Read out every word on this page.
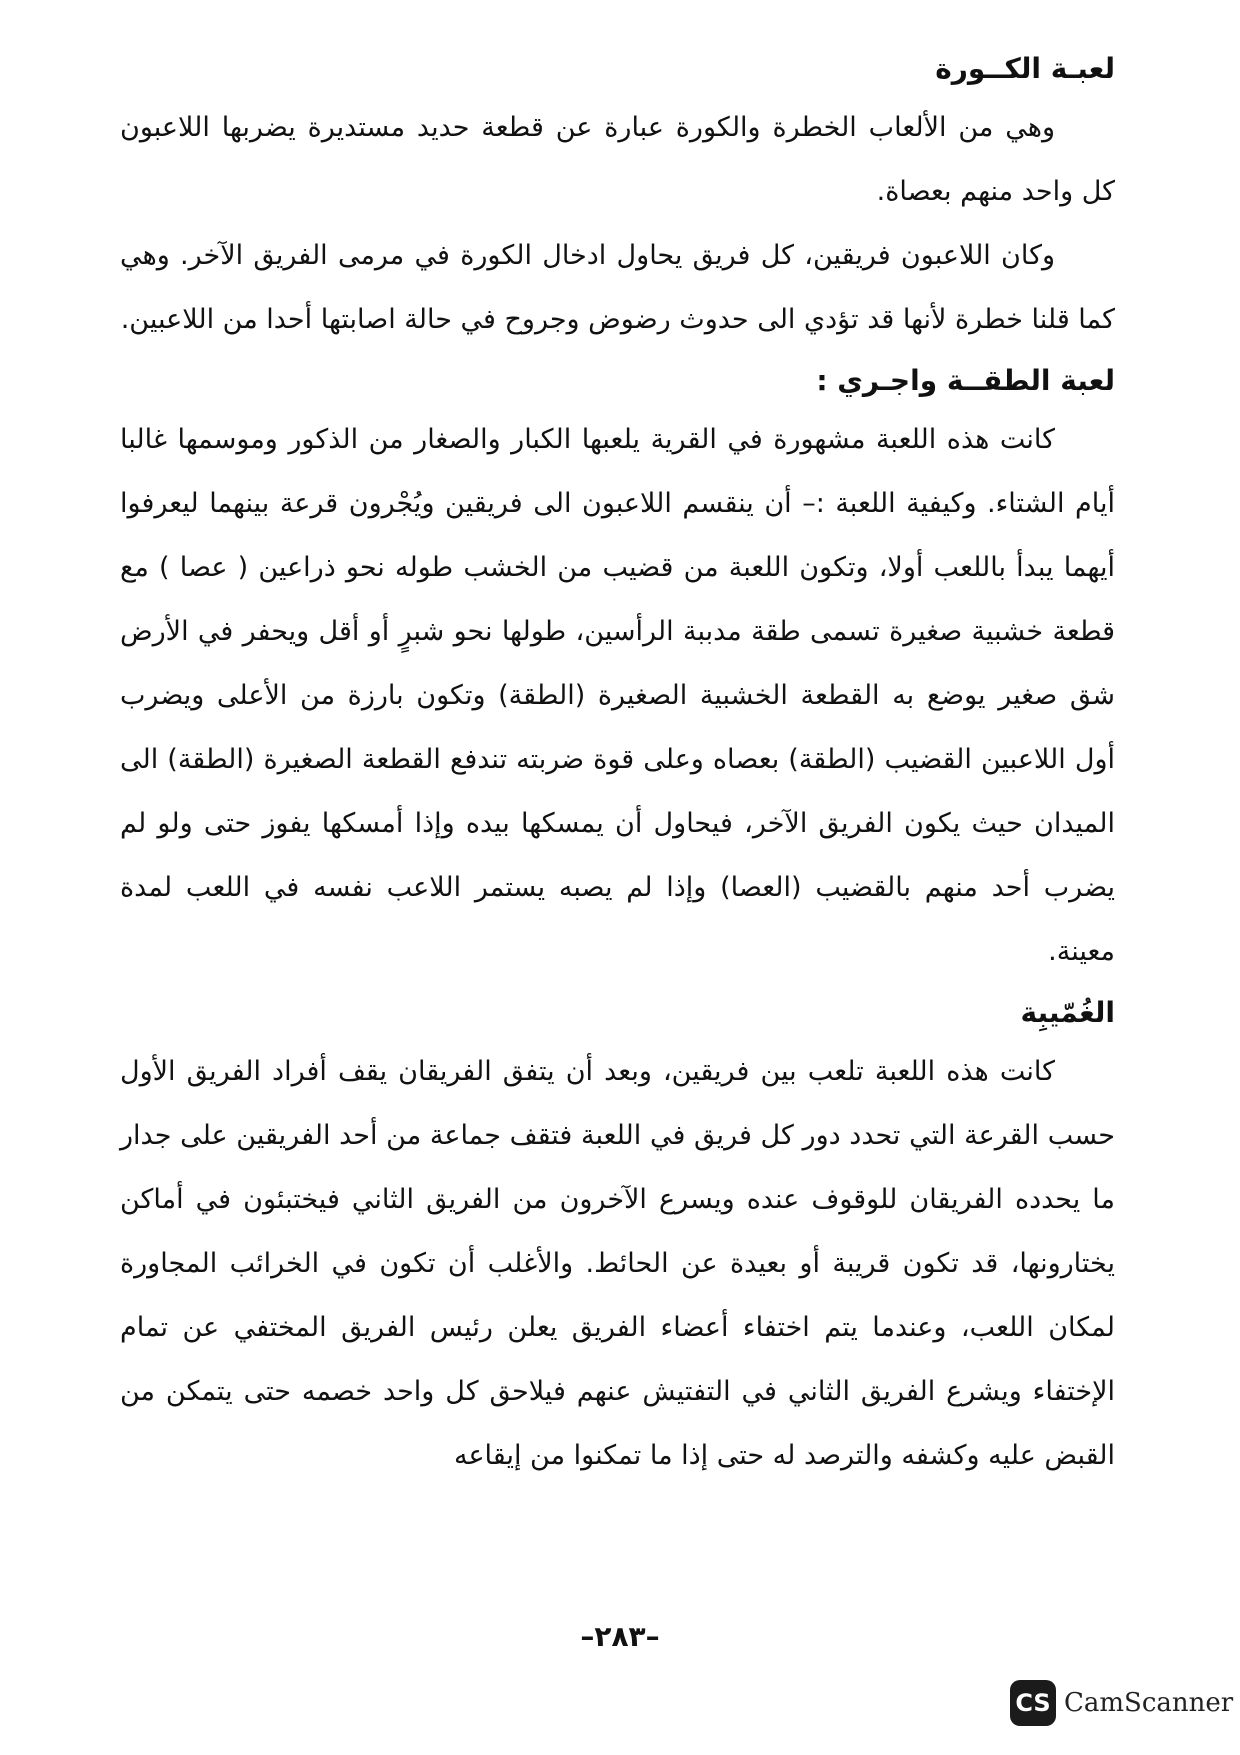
لعبـة الكــورة

وهي من الألعاب الخطرة والكورة عبارة عن قطعة حديد مستديرة يضربها اللاعبون كل واحد منهم بعصاة.

وكان اللاعبون فريقين، كل فريق يحاول ادخال الكورة في مرمى الفريق الآخر. وهي كما قلنا خطرة لأنها قد تؤدي الى حدوث رضوض وجروح في حالة اصابتها أحدا من اللاعبين.

لعبة الطقــة واجـري :

كانت هذه اللعبة مشهورة في القرية يلعبها الكبار والصغار من الذكور وموسمها غالبا أيام الشتاء. وكيفية اللعبة :– أن ينقسم اللاعبون الى فريقين ويُجْرون قرعة بينهما ليعرفوا أيهما يبدأ باللعب أولا، وتكون اللعبة من قضيب من الخشب طوله نحو ذراعين ( عصا ) مع قطعة خشبية صغيرة تسمى طقة مدببة الرأسين، طولها نحو شبرٍ أو أقل ويحفر في الأرض شق صغير يوضع به القطعة الخشبية الصغيرة (الطقة) وتكون بارزة من الأعلى ويضرب أول اللاعبين القضيب (الطقة) بعصاه وعلى قوة ضربته تندفع القطعة الصغيرة (الطقة) الى الميدان حيث يكون الفريق الآخر، فيحاول أن يمسكها بيده وإذا أمسكها يفوز حتى ولو لم يضرب أحد منهم بالقضيب (العصا) وإذا لم يصبه يستمر اللاعب نفسه في اللعب لمدة معينة.

الغُمّيبِة

كانت هذه اللعبة تلعب بين فريقين، وبعد أن يتفق الفريقان يقف أفراد الفريق الأول حسب القرعة التي تحدد دور كل فريق في اللعبة فتقف جماعة من أحد الفريقين على جدار ما يحدده الفريقان للوقوف عنده ويسرع الآخرون من الفريق الثاني فيختبئون في أماكن يختارونها، قد تكون قريبة أو بعيدة عن الحائط. والأغلب أن تكون في الخرائب المجاورة لمكان اللعب، وعندما يتم اختفاء أعضاء الفريق يعلن رئيس الفريق المختفي عن تمام الإختفاء ويشرع الفريق الثاني في التفتيش عنهم فيلاحق كل واحد خصمه حتى يتمكن من القبض عليه وكشفه والترصد له حتى إذا ما تمكنوا من إيقاعه

–٢٨٣–
CS CamScanner
